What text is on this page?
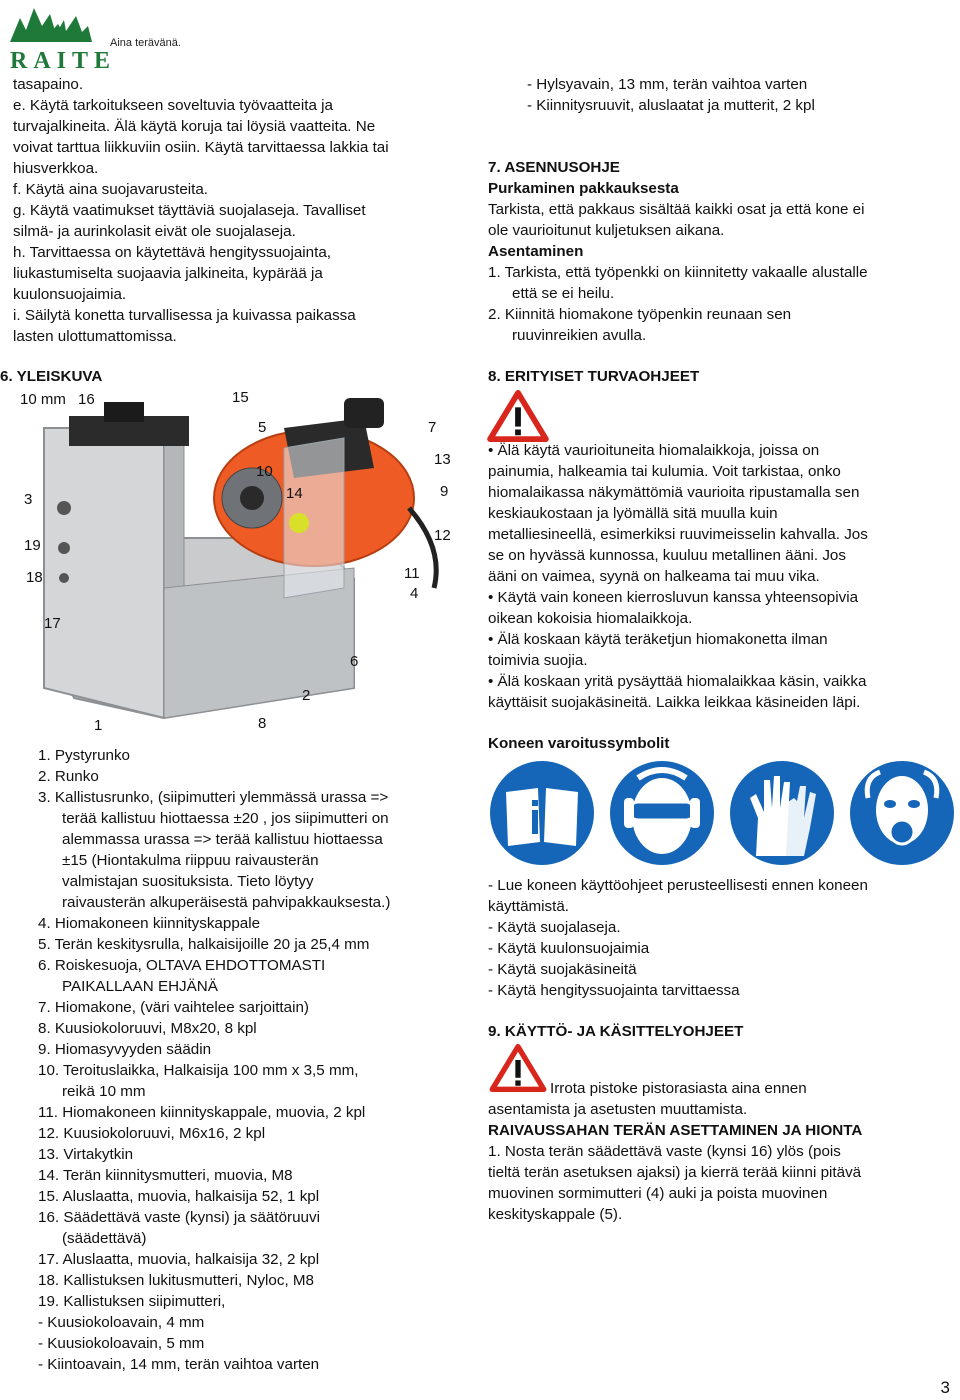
Aina terävänä.
RAITE
tasapaino.
e. Käytä tarkoitukseen soveltuvia työvaatteita ja
turvajalkineita. Älä käytä koruja tai löysiä vaatteita. Ne
voivat tarttua liikkuviin osiin. Käytä tarvittaessa lakkia tai
hiusverkkoa.
f. Käytä aina suojavarusteita.
g. Käytä vaatimukset täyttäviä suojalaseja. Tavalliset
silmä- ja aurinkolasit eivät ole suojalaseja.
h. Tarvittaessa on käytettävä hengityssuojainta,
liukastumiselta suojaavia jalkineita, kypärää ja
kuulonsuojaimia.
i. Säilytä konetta turvallisessa ja kuivassa paikassa
lasten ulottumattomissa.
6. YLEISKUVA
10 mm 16	15
5	7
13
10
9
14
3
12
19
18	11
4
17
6
2
1	8
1. Pystyrunko
2. Runko
3. Kallistusrunko, (siipimutteri ylemmässä urassa =>
terää kallistuu hiottaessa ±20 , jos siipimutteri on
alemmassa urassa => terää kallistuu hiottaessa
±15 (Hiontakulma riippuu raivausterän
valmistajan suosituksista. Tieto löytyy
raivausterän alkuperäisestä pahvipakkauksesta.)
4. Hiomakoneen kiinnityskappale
5. Terän keskitysrulla, halkaisijoille 20 ja 25,4 mm
6. Roiskesuoja, OLTAVA EHDOTTOMASTI
PAIKALLAAN EHJÄNÄ
7. Hiomakone, (väri vaihtelee sarjoittain)
8. Kuusiokoloruuvi, M8x20, 8 kpl
9. Hiomasyvyyden säädin
10. Teroituslaikka, Halkaisija 100 mm x 3,5 mm,
reikä 10 mm
11. Hiomakoneen kiinnityskappale, muovia, 2 kpl
12. Kuusiokoloruuvi, M6x16, 2 kpl
13. Virtakytkin
14. Terän kiinnitysmutteri, muovia, M8
15. Aluslaatta, muovia, halkaisija 52, 1 kpl
16. Säädettävä vaste (kynsi) ja säätöruuvi
(säädettävä)
17. Aluslaatta, muovia, halkaisija 32, 2 kpl
18. Kallistuksen lukitusmutteri, Nyloc, M8
19. Kallistuksen siipimutteri,
- Kuusiokoloavain, 4 mm
- Kuusiokoloavain, 5 mm
- Kiintoavain, 14 mm, terän vaihtoa varten
- Hylsyavain, 13 mm, terän vaihtoa varten
- Kiinnitysruuvit, aluslaatat ja mutterit, 2 kpl
7. ASENNUSOHJE
Purkaminen pakkauksesta
Tarkista, että pakkaus sisältää kaikki osat ja että kone ei
ole vaurioitunut kuljetuksen aikana.
Asentaminen
1. Tarkista, että työpenkki on kiinnitetty vakaalle alustalle
että se ei heilu.
2. Kiinnitä hiomakone työpenkin reunaan sen
ruuvinreikien avulla.
8. ERITYISET TURVAOHJEET
• Älä käytä vaurioituneita hiomalaikkoja, joissa on
painumia, halkeamia tai kulumia. Voit tarkistaa, onko
hiomalaikassa näkymättömiä vaurioita ripustamalla sen
keskiaukostaan ja lyömällä sitä muulla kuin
metalliesineellä, esimerkiksi ruuvimeisselin kahvalla. Jos
se on hyvässä kunnossa, kuuluu metallinen ääni. Jos
ääni on vaimea, syynä on halkeama tai muu vika.
• Käytä vain koneen kierrosluvun kanssa yhteensopivia
oikean kokoisia hiomalaikkoja.
• Älä koskaan käytä teräketjun hiomakonetta ilman
toimivia suojia.
• Älä koskaan yritä pysäyttää hiomalaikkaa käsin, vaikka
käyttäisit suojakäsineitä. Laikka leikkaa käsineiden läpi.
Koneen varoitussymbolit
- Lue koneen käyttöohjeet perusteellisesti ennen koneen
käyttämistä.
- Käytä suojalaseja.
- Käytä kuulonsuojaimia
- Käytä suojakäsineitä
- Käytä hengityssuojainta tarvittaessa
9. KÄYTTÖ- JA KÄSITTELYOHJEET
Irrota pistoke pistorasiasta aina ennen
asentamista ja asetusten muuttamista.
RAIVAUSSAHAN TERÄN ASETTAMINEN JA HIONTA
1. Nosta terän säädettävä vaste (kynsi 16) ylös (pois
tieltä terän asetuksen ajaksi) ja kierrä terää kiinni pitävä
muovinen sormimutteri (4) auki ja poista muovinen
keskityskappale (5).
3
